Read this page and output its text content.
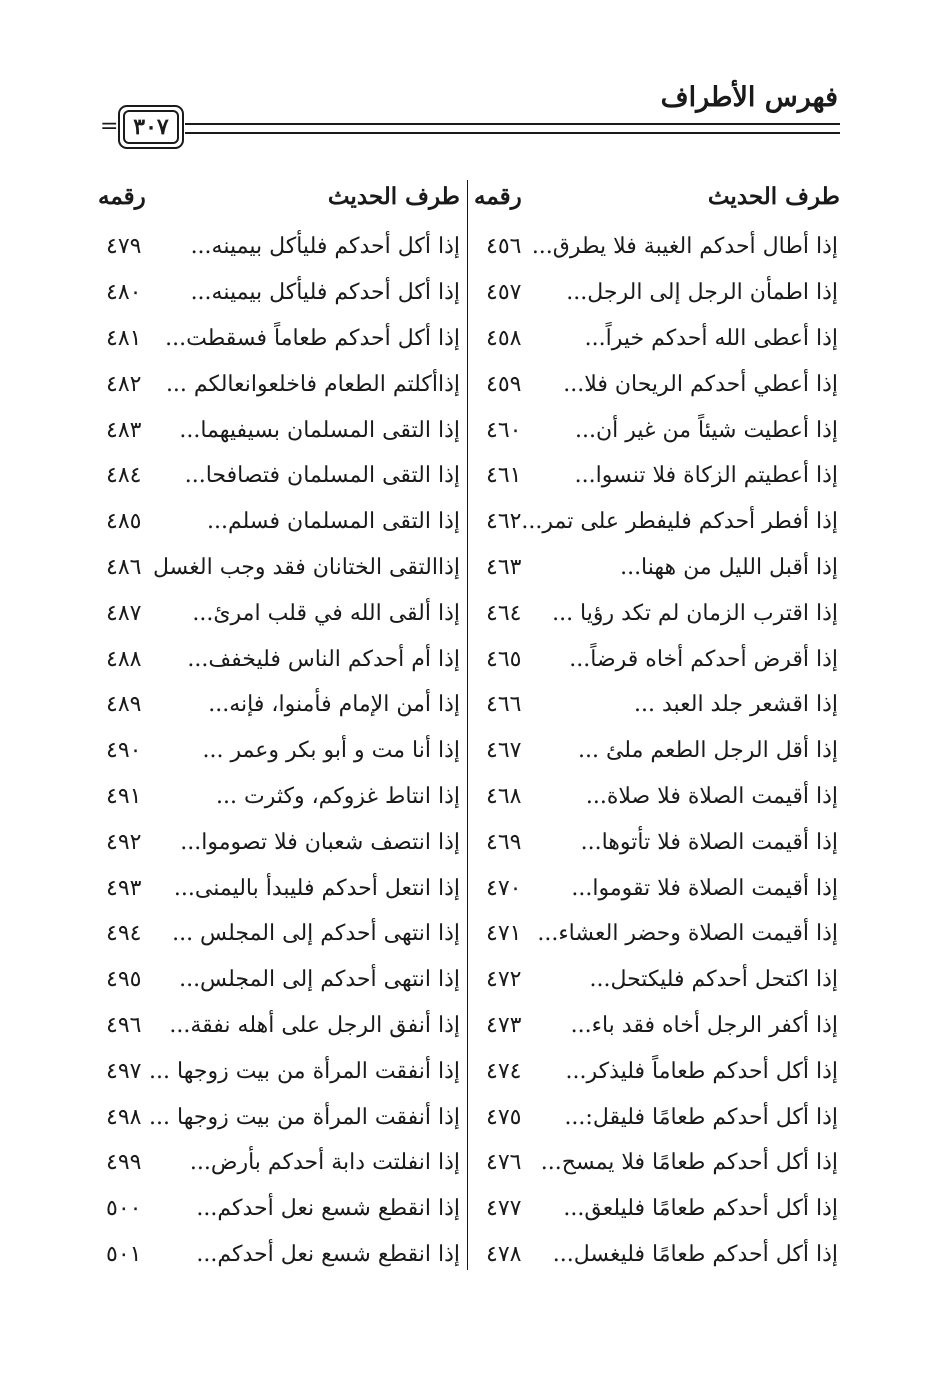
فهرس الأطراف
٣٠٧
=
طرف الحديث
رقمه
طرف الحديث
رقمه
إذا أطال أحدكم الغيبة فلا يطرق...
٤٥٦
إذا اطمأن الرجل إلى الرجل...
٤٥٧
إذا أعطى الله أحدكم خيراً...
٤٥٨
إذا أعطي أحدكم الريحان فلا...
٤٥٩
إذا أعطيت شيئاً من غير أن...
٤٦٠
إذا أعطيتم الزكاة فلا تنسوا...
٤٦١
إذا أفطر أحدكم فليفطر على تمر...
٤٦٢
إذا أقبل الليل من ههنا...
٤٦٣
إذا اقترب الزمان لم تكد رؤيا ...
٤٦٤
إذا أقرض أحدكم أخاه قرضاً...
٤٦٥
إذا اقشعر جلد العبد ...
٤٦٦
إذا أقل الرجل الطعم ملئ ...
٤٦٧
إذا أقيمت الصلاة فلا صلاة...
٤٦٨
إذا أقيمت الصلاة فلا تأتوها...
٤٦٩
إذا أقيمت الصلاة فلا تقوموا...
٤٧٠
إذا أقيمت الصلاة وحضر العشاء...
٤٧١
إذا اكتحل أحدكم فليكتحل...
٤٧٢
إذا أكفر الرجل أخاه فقد باء...
٤٧٣
إذا أكل أحدكم طعاماً فليذكر...
٤٧٤
إذا أكل أحدكم طعامًا فليقل:...
٤٧٥
إذا أكل أحدكم طعامًا فلا يمسح...
٤٧٦
إذا أكل أحدكم طعامًا فليلعق...
٤٧٧
إذا أكل أحدكم طعامًا فليغسل...
٤٧٨
إذا أكل أحدكم فليأكل بيمينه...
٤٧٩
إذا أكل أحدكم فليأكل بيمينه...
٤٨٠
إذا أكل أحدكم طعاماً فسقطت...
٤٨١
إذاأكلتم الطعام فاخلعوانعالكم ...
٤٨٢
إذا التقى المسلمان بسيفيهما...
٤٨٣
إذا التقى المسلمان فتصافحا...
٤٨٤
إذا التقى المسلمان فسلم...
٤٨٥
إذاالتقى الختانان فقد وجب الغسل
٤٨٦
إذا ألقى الله في قلب امرئ...
٤٨٧
إذا أم أحدكم الناس فليخفف...
٤٨٨
إذا أمن الإمام فأمنوا، فإنه...
٤٨٩
إذا أنا مت و أبو بكر وعمر ...
٤٩٠
إذا انتاط غزوكم، وكثرت ...
٤٩١
إذا انتصف شعبان فلا تصوموا...
٤٩٢
إذا انتعل أحدكم فليبدأ باليمنى...
٤٩٣
إذا انتهى أحدكم إلى المجلس ...
٤٩٤
إذا انتهى أحدكم إلى المجلس...
٤٩٥
إذا أنفق الرجل على أهله نفقة...
٤٩٦
إذا أنفقت المرأة من بيت زوجها ...
٤٩٧
إذا أنفقت المرأة من بيت زوجها ...
٤٩٨
إذا انفلتت دابة أحدكم بأرض...
٤٩٩
إذا انقطع شسع نعل أحدكم...
٥٠٠
إذا انقطع شسع نعل أحدكم...
٥٠١
